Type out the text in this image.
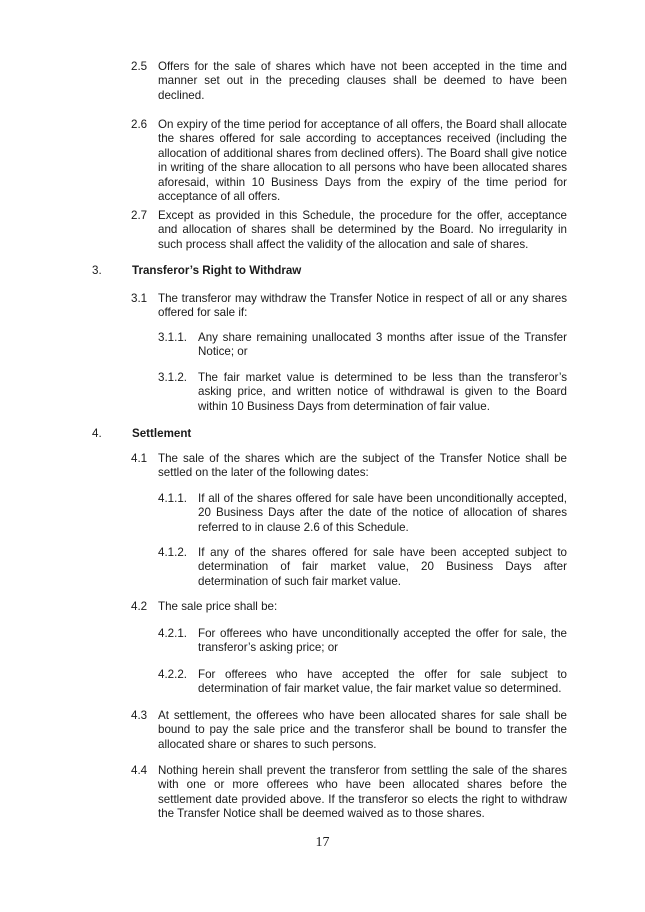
2.5 Offers for the sale of shares which have not been accepted in the time and manner set out in the preceding clauses shall be deemed to have been declined.
2.6 On expiry of the time period for acceptance of all offers, the Board shall allocate the shares offered for sale according to acceptances received (including the allocation of additional shares from declined offers). The Board shall give notice in writing of the share allocation to all persons who have been allocated shares aforesaid, within 10 Business Days from the expiry of the time period for acceptance of all offers.
2.7 Except as provided in this Schedule, the procedure for the offer, acceptance and allocation of shares shall be determined by the Board. No irregularity in such process shall affect the validity of the allocation and sale of shares.
3.	Transferor’s Right to Withdraw
3.1 The transferor may withdraw the Transfer Notice in respect of all or any shares offered for sale if:
3.1.1. Any share remaining unallocated 3 months after issue of the Transfer Notice; or
3.1.2. The fair market value is determined to be less than the transferor’s asking price, and written notice of withdrawal is given to the Board within 10 Business Days from determination of fair value.
4.	Settlement
4.1 The sale of the shares which are the subject of the Transfer Notice shall be settled on the later of the following dates:
4.1.1. If all of the shares offered for sale have been unconditionally accepted, 20 Business Days after the date of the notice of allocation of shares referred to in clause 2.6 of this Schedule.
4.1.2. If any of the shares offered for sale have been accepted subject to determination of fair market value, 20 Business Days after determination of such fair market value.
4.2 The sale price shall be:
4.2.1. For offerees who have unconditionally accepted the offer for sale, the transferor’s asking price; or
4.2.2. For offerees who have accepted the offer for sale subject to determination of fair market value, the fair market value so determined.
4.3 At settlement, the offerees who have been allocated shares for sale shall be bound to pay the sale price and the transferor shall be bound to transfer the allocated share or shares to such persons.
4.4 Nothing herein shall prevent the transferor from settling the sale of the shares with one or more offerees who have been allocated shares before the settlement date provided above. If the transferor so elects the right to withdraw the Transfer Notice shall be deemed waived as to those shares.
17
